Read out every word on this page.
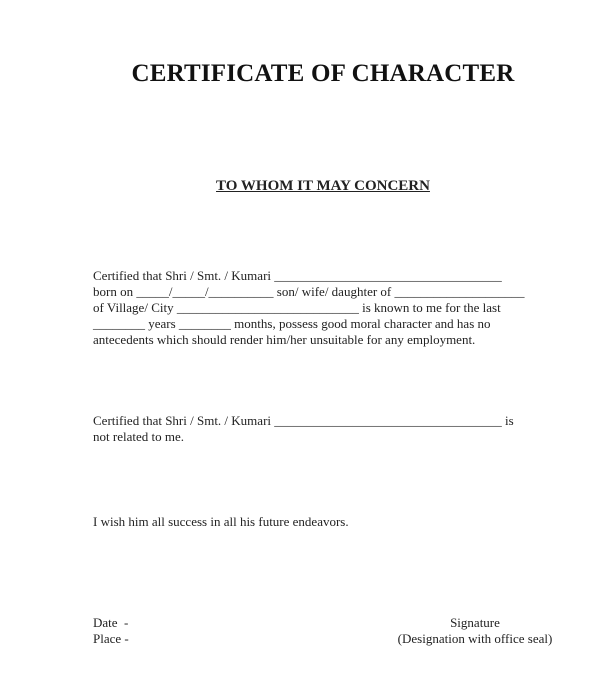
CERTIFICATE OF CHARACTER
TO WHOM IT MAY CONCERN
Certified that Shri / Smt. / Kumari ___________________________________
born on _____/_____/__________ son/ wife/ daughter of ____________________
of Village/ City ____________________________ is known to me for the last
________ years ________ months, possess good moral character and has no
antecedents which should render him/her unsuitable for any employment.
Certified that Shri / Smt. / Kumari ___________________________________ is
not related to me.
I wish him all success in all his future endeavors.
Date  -
Place -
Signature
(Designation with office seal)
